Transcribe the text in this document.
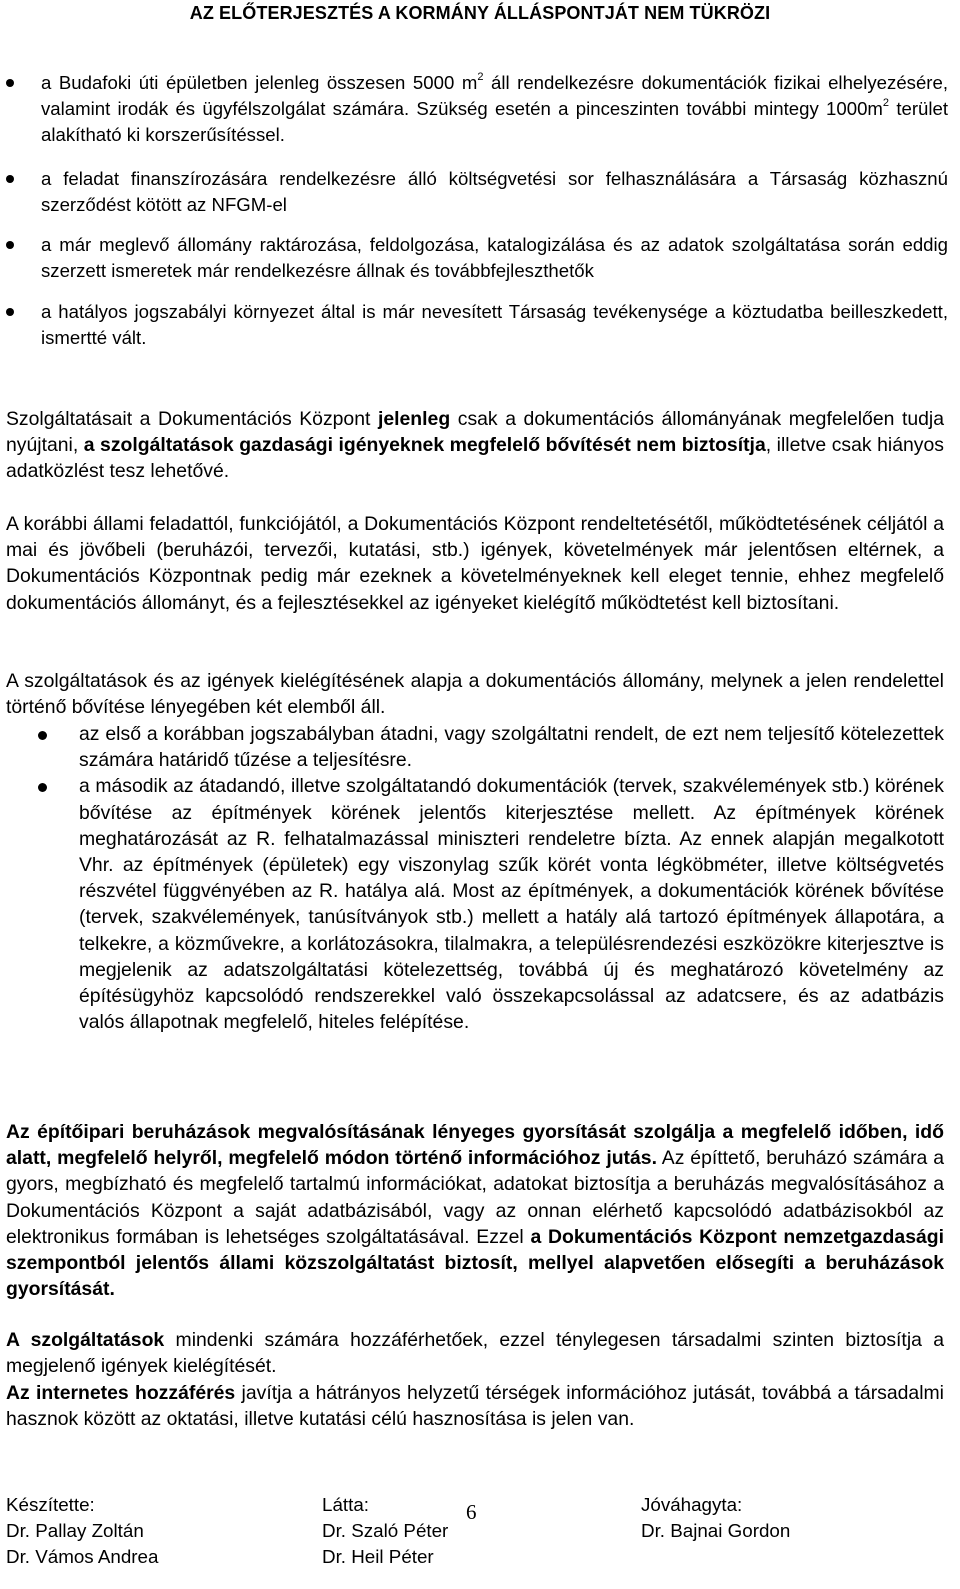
AZ ELŐTERJESZTÉS A KORMÁNY ÁLLÁSPONTJÁT NEM TÜKRÖZI
a Budafoki úti épületben jelenleg összesen 5000 $m^2$ áll rendelkezésre dokumentációk fizikai elhelyezésére, valamint irodák és ügyfélszolgálat számára. Szükség esetén a pinceszinten további mintegy $1000m^2$ terület alakítható ki korszerűsítéssel.
a feladat finanszírozására rendelkezésre álló költségvetési sor felhasználására a Társaság közhasznú szerződést kötött az NFGM-el
a már meglevő állomány raktározása, feldolgozása, katalogizálása és az adatok szolgáltatása során eddig szerzett ismeretek már rendelkezésre állnak és továbbfejleszthetők
a hatályos jogszabályi környezet által is már nevesített Társaság tevékenysége a köztudatba beilleszkedett, ismertté vált.
Szolgáltatásait a Dokumentációs Központ jelenleg csak a dokumentációs állományának megfelelően tudja nyújtani, a szolgáltatások gazdasági igényeknek megfelelő bővítését nem biztosítja, illetve csak hiányos adatközlést tesz lehetővé.
A korábbi állami feladattól, funkciójától, a Dokumentációs Központ rendeltetésétől, működtetésének céljától a mai és jövőbeli (beruházói, tervezői, kutatási, stb.) igények, követelmények már jelentősen eltérnek, a Dokumentációs Központnak pedig már ezeknek a követelményeknek kell eleget tennie, ehhez megfelelő dokumentációs állományt, és a fejlesztésekkel az igényeket kielégítő működtetést kell biztosítani.
A szolgáltatások és az igények kielégítésének alapja a dokumentációs állomány, melynek a jelen rendelettel történő bővítése lényegében két elemből áll.
az első a korábban jogszabályban átadni, vagy szolgáltatni rendelt, de ezt nem teljesítő kötelezettek számára határidő tűzése a teljesítésre.
a második az átadandó, illetve szolgáltatandó dokumentációk (tervek, szakvélemények stb.) körének bővítése az építmények körének jelentős kiterjesztése mellett. Az építmények körének meghatározását az R. felhatalmazással miniszteri rendeletre bízta. Az ennek alapján megalkotott Vhr. az építmények (épületek) egy viszonylag szűk körét vonta légköbméter, illetve költségvetés részvétel függvényében az R. hatálya alá. Most az építmények, a dokumentációk körének bővítése (tervek, szakvélemények, tanúsítványok stb.) mellett a hatály alá tartozó építmények állapotára, a telkekre, a közművekre, a korlátozásokra, tilalmakra, a településrendezési eszközökre kiterjesztve is megjelenik az adatszolgáltatási kötelezettség, továbbá új és meghatározó követelmény az építésügyhöz kapcsolódó rendszerekkel való összekapcsolással az adatcsere, és az adatbázis valós állapotnak megfelelő, hiteles felépítése.
Az építőipari beruházások megvalósításának lényeges gyorsítását szolgálja a megfelelő időben, idő alatt, megfelelő helyről, megfelelő módon történő információhoz jutás. Az építtető, beruházó számára a gyors, megbízható és megfelelő tartalmú információkat, adatokat biztosítja a beruházás megvalósításához a Dokumentációs Központ a saját adatbázisából, vagy az onnan elérhető kapcsolódó adatbázisokból az elektronikus formában is lehetséges szolgáltatásával. Ezzel a Dokumentációs Központ nemzetgazdasági szempontból jelentős állami közszolgáltatást biztosít, mellyel alapvetően elősegíti a beruházások gyorsítását.
A szolgáltatások mindenki számára hozzáférhetőek, ezzel ténylegesen társadalmi szinten biztosítja a megjelenő igények kielégítését.
Az internetes hozzáférés javítja a hátrányos helyzetű térségek információhoz jutását, továbbá a társadalmi hasznok között az oktatási, illetve kutatási célú hasznosítása is jelen van.
Készítette:
Dr. Pallay Zoltán
Dr. Vámos Andrea
Látta:
Dr. Szaló Péter
Dr. Heil Péter
Jóváhagyta:
Dr. Bajnai Gordon
6
